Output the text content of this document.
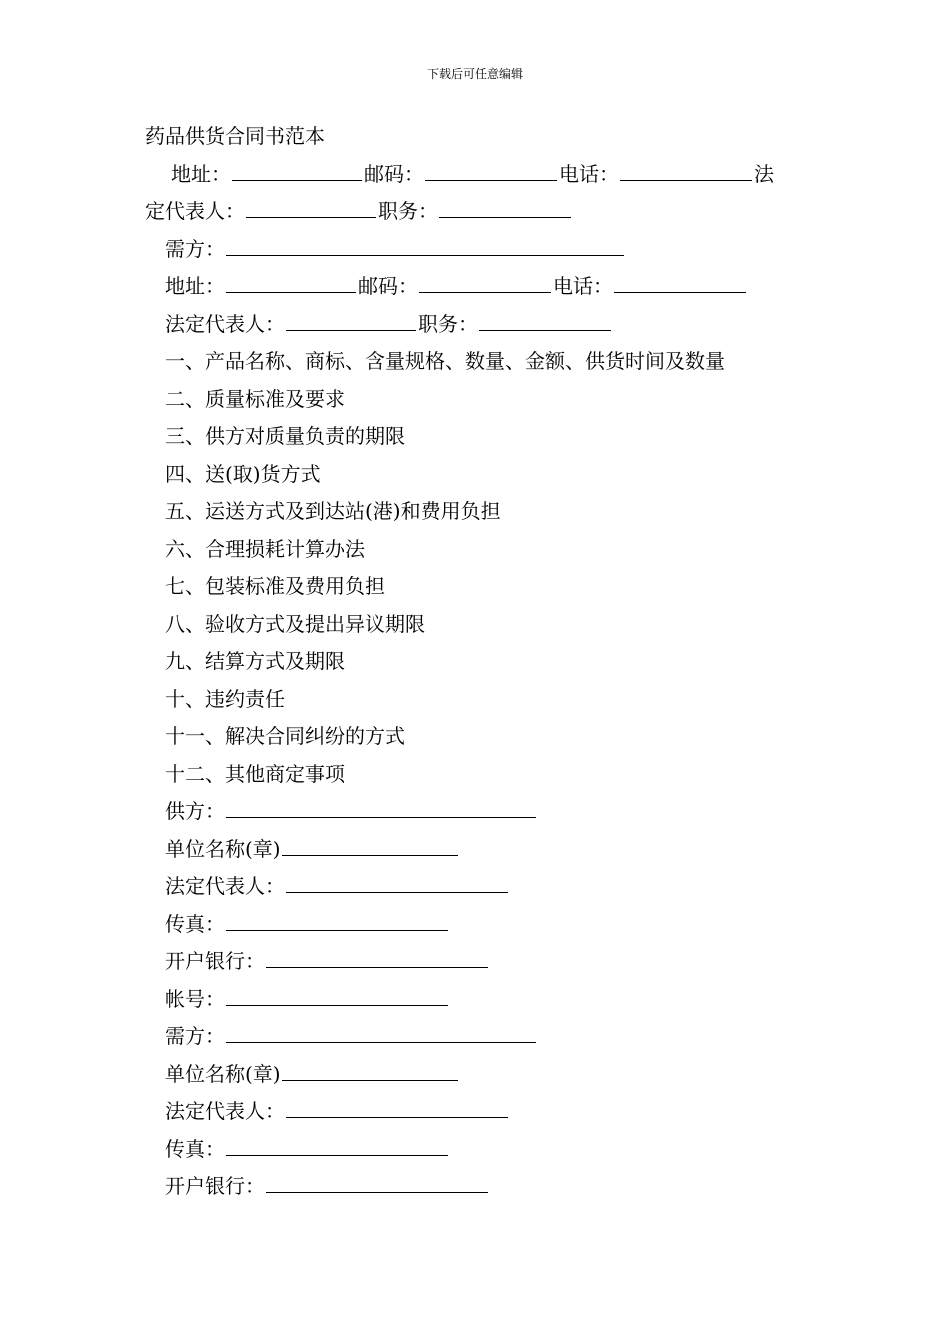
下载后可任意编辑
药品供货合同书范本
地址：	邮码：	电话：	法
定代表人：	职务：
需方：
地址：	邮码：	电话：
法定代表人：	职务：
一、产品名称、商标、含量规格、数量、金额、供货时间及数量
二、质量标准及要求
三、供方对质量负责的期限
四、送(取)货方式
五、运送方式及到达站(港)和费用负担
六、合理损耗计算办法
七、包装标准及费用负担
八、验收方式及提出异议期限
九、结算方式及期限
十、违约责任
十一、解决合同纠纷的方式
十二、其他商定事项
供方：
单位名称(章)
法定代表人：
传真：
开户银行：
帐号：
需方：
单位名称(章)
法定代表人：
传真：
开户银行：
